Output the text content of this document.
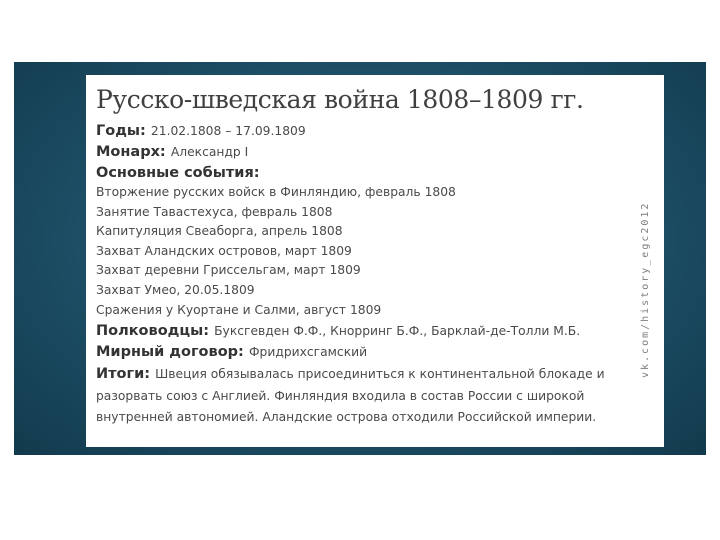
Русско-шведская война 1808–1809 гг.

Годы: 21.02.1808 – 17.09.1809

Монарх: Александр I

Основные события:

Вторжение русских войск в Финляндию, февраль 1808
Занятие Тавастехуса, февраль 1808
Капитуляция Свеаборга, апрель 1808
Захват Аландских островов, март 1809
Захват деревни Гриссельгам, март 1809
Захват Умео, 20.05.1809
Сражения у Куортане и Салми, август 1809

Полководцы: Буксгевден Ф.Ф., Кнорринг Б.Ф., Барклай-де-Толли М.Б.

Мирный договор: Фридрихсгамский

Итоги: Швеция обязывалась присоединиться к континентальной блокаде и разорвать союз с Англией. Финляндия входила в состав России с широкой внутренней автономией. Аландские острова отходили Российской империи.

vk.com/history_egc2012
